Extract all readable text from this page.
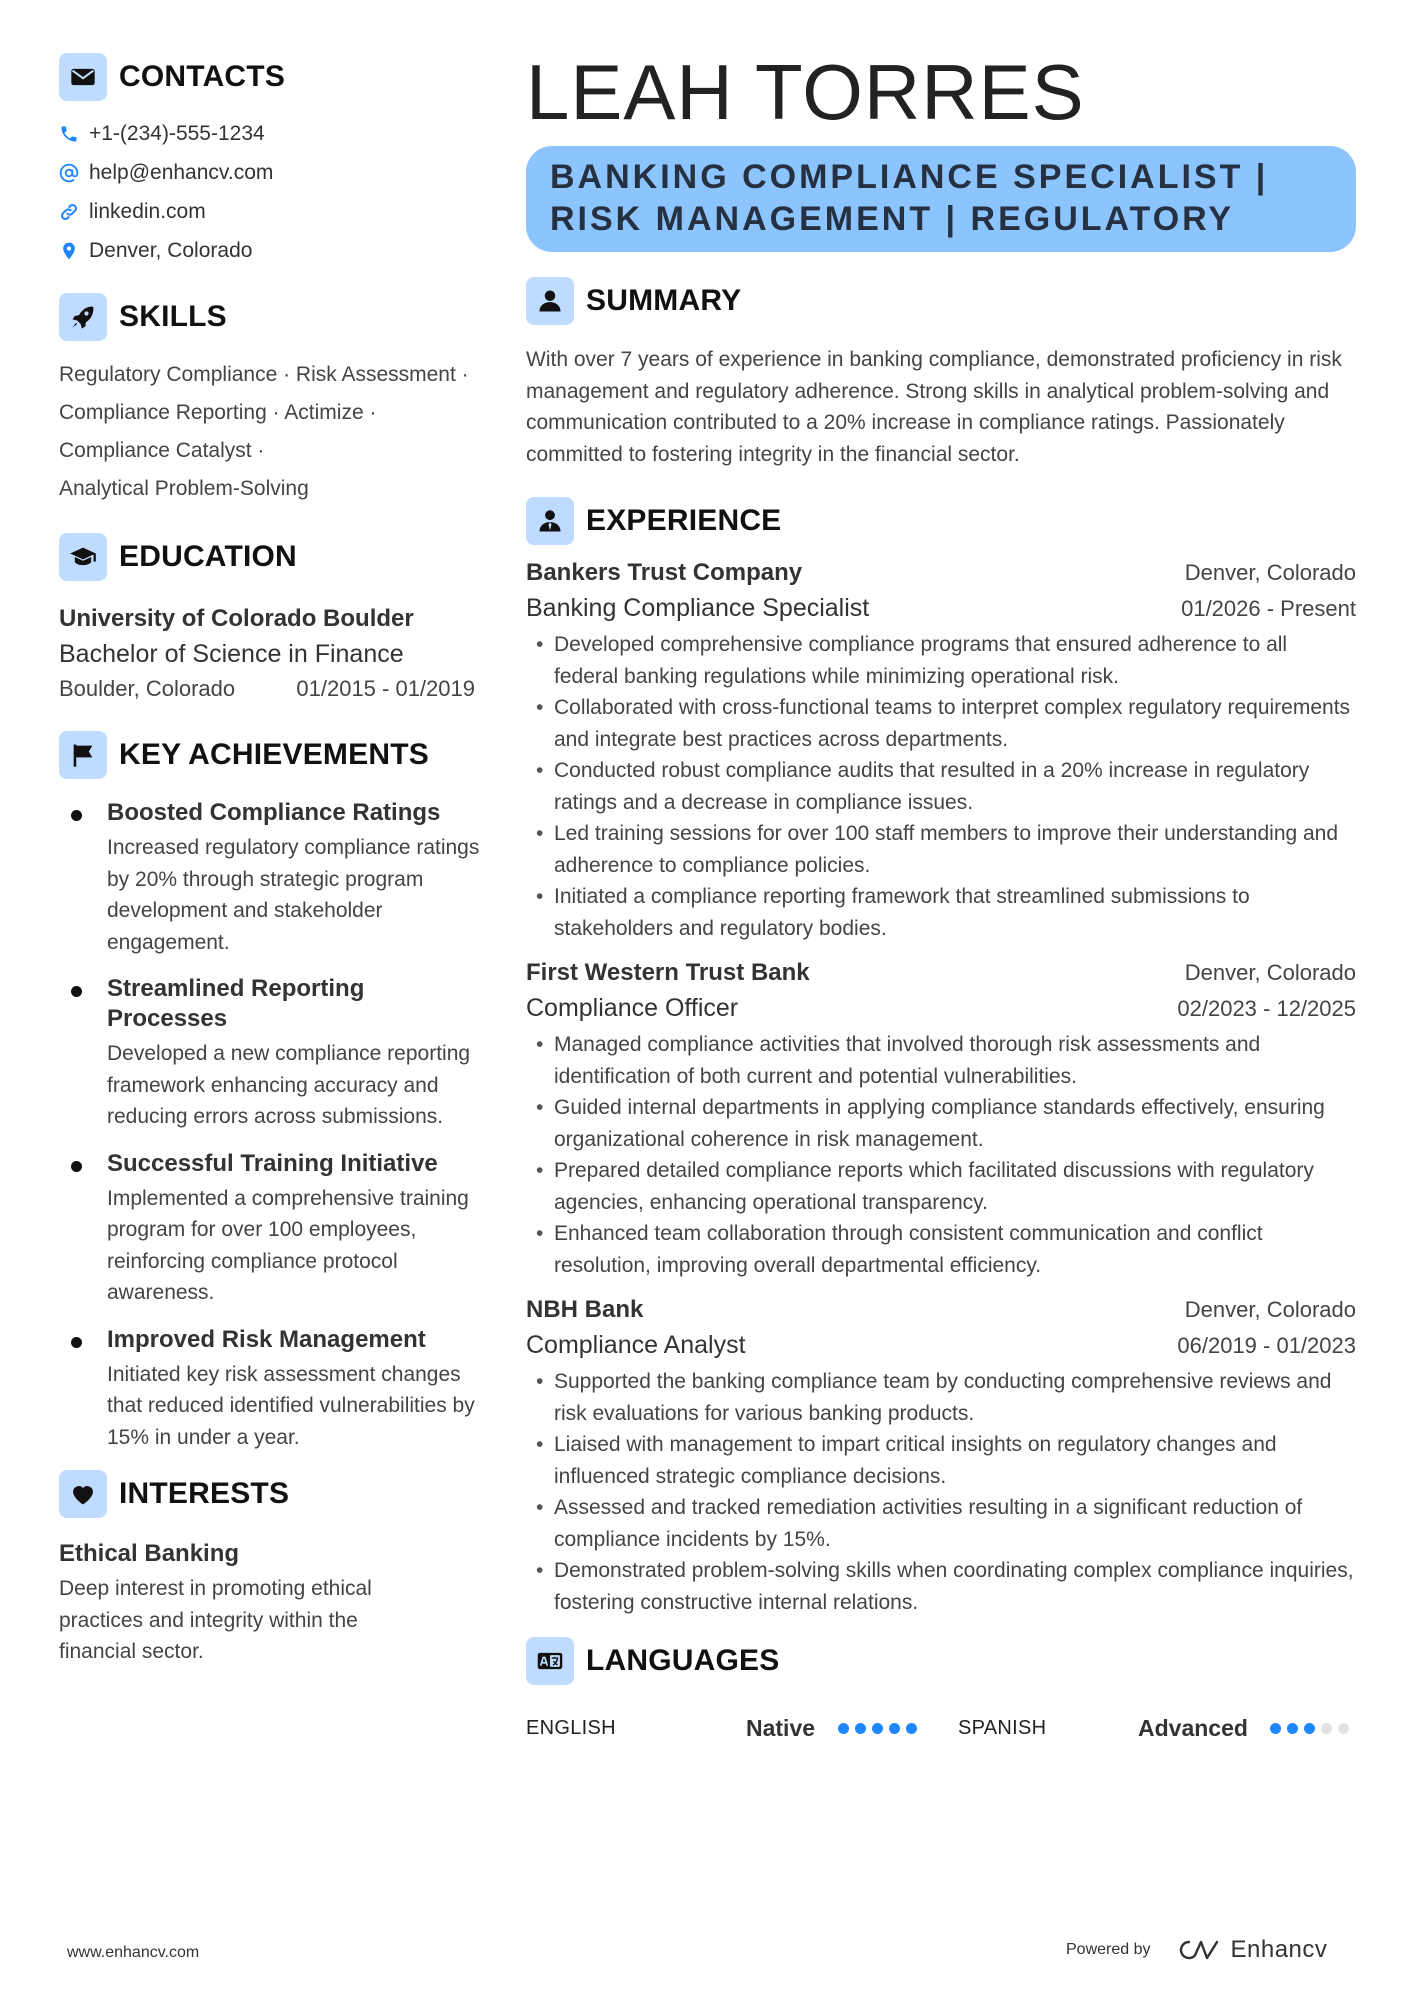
CONTACTS
+1-(234)-555-1234
help@enhancv.com
linkedin.com
Denver, Colorado
SKILLS
Regulatory Compliance · Risk Assessment ·
Compliance Reporting · Actimize ·
Compliance Catalyst ·
Analytical Problem-Solving
EDUCATION
University of Colorado Boulder
Bachelor of Science in Finance
Boulder, Colorado	01/2015 - 01/2019
KEY ACHIEVEMENTS
Boosted Compliance Ratings
Increased regulatory compliance ratings by 20% through strategic program development and stakeholder engagement.
Streamlined Reporting Processes
Developed a new compliance reporting framework enhancing accuracy and reducing errors across submissions.
Successful Training Initiative
Implemented a comprehensive training program for over 100 employees, reinforcing compliance protocol awareness.
Improved Risk Management
Initiated key risk assessment changes that reduced identified vulnerabilities by 15% in under a year.
INTERESTS
Ethical Banking
Deep interest in promoting ethical practices and integrity within the financial sector.
LEAH TORRES
BANKING COMPLIANCE SPECIALIST |
RISK MANAGEMENT | REGULATORY
SUMMARY

With over 7 years of experience in banking compliance, demonstrated proficiency in risk management and regulatory adherence. Strong skills in analytical problem-solving and communication contributed to a 20% increase in compliance ratings. Passionately committed to fostering integrity in the financial sector.

EXPERIENCE
Bankers Trust Company	Denver, Colorado
Banking Compliance Specialist	01/2026 - Present
• Developed comprehensive compliance programs that ensured adherence to all federal banking regulations while minimizing operational risk.
• Collaborated with cross-functional teams to interpret complex regulatory requirements and integrate best practices across departments.
• Conducted robust compliance audits that resulted in a 20% increase in regulatory ratings and a decrease in compliance issues.
• Led training sessions for over 100 staff members to improve their understanding and adherence to compliance policies.
• Initiated a compliance reporting framework that streamlined submissions to stakeholders and regulatory bodies.
First Western Trust Bank	Denver, Colorado
Compliance Officer	02/2023 - 12/2025
• Managed compliance activities that involved thorough risk assessments and identification of both current and potential vulnerabilities.
• Guided internal departments in applying compliance standards effectively, ensuring organizational coherence in risk management.
• Prepared detailed compliance reports which facilitated discussions with regulatory agencies, enhancing operational transparency.
• Enhanced team collaboration through consistent communication and conflict resolution, improving overall departmental efficiency.
NBH Bank	Denver, Colorado
Compliance Analyst	06/2019 - 01/2023
• Supported the banking compliance team by conducting comprehensive reviews and risk evaluations for various banking products.
• Liaised with management to impart critical insights on regulatory changes and influenced strategic compliance decisions.
• Assessed and tracked remediation activities resulting in a significant reduction of compliance incidents by 15%.
• Demonstrated problem-solving skills when coordinating complex compliance inquiries, fostering constructive internal relations.
LANGUAGES
ENGLISH	Native	SPANISH	Advanced
www.enhancv.com	Powered by	Enhancv
